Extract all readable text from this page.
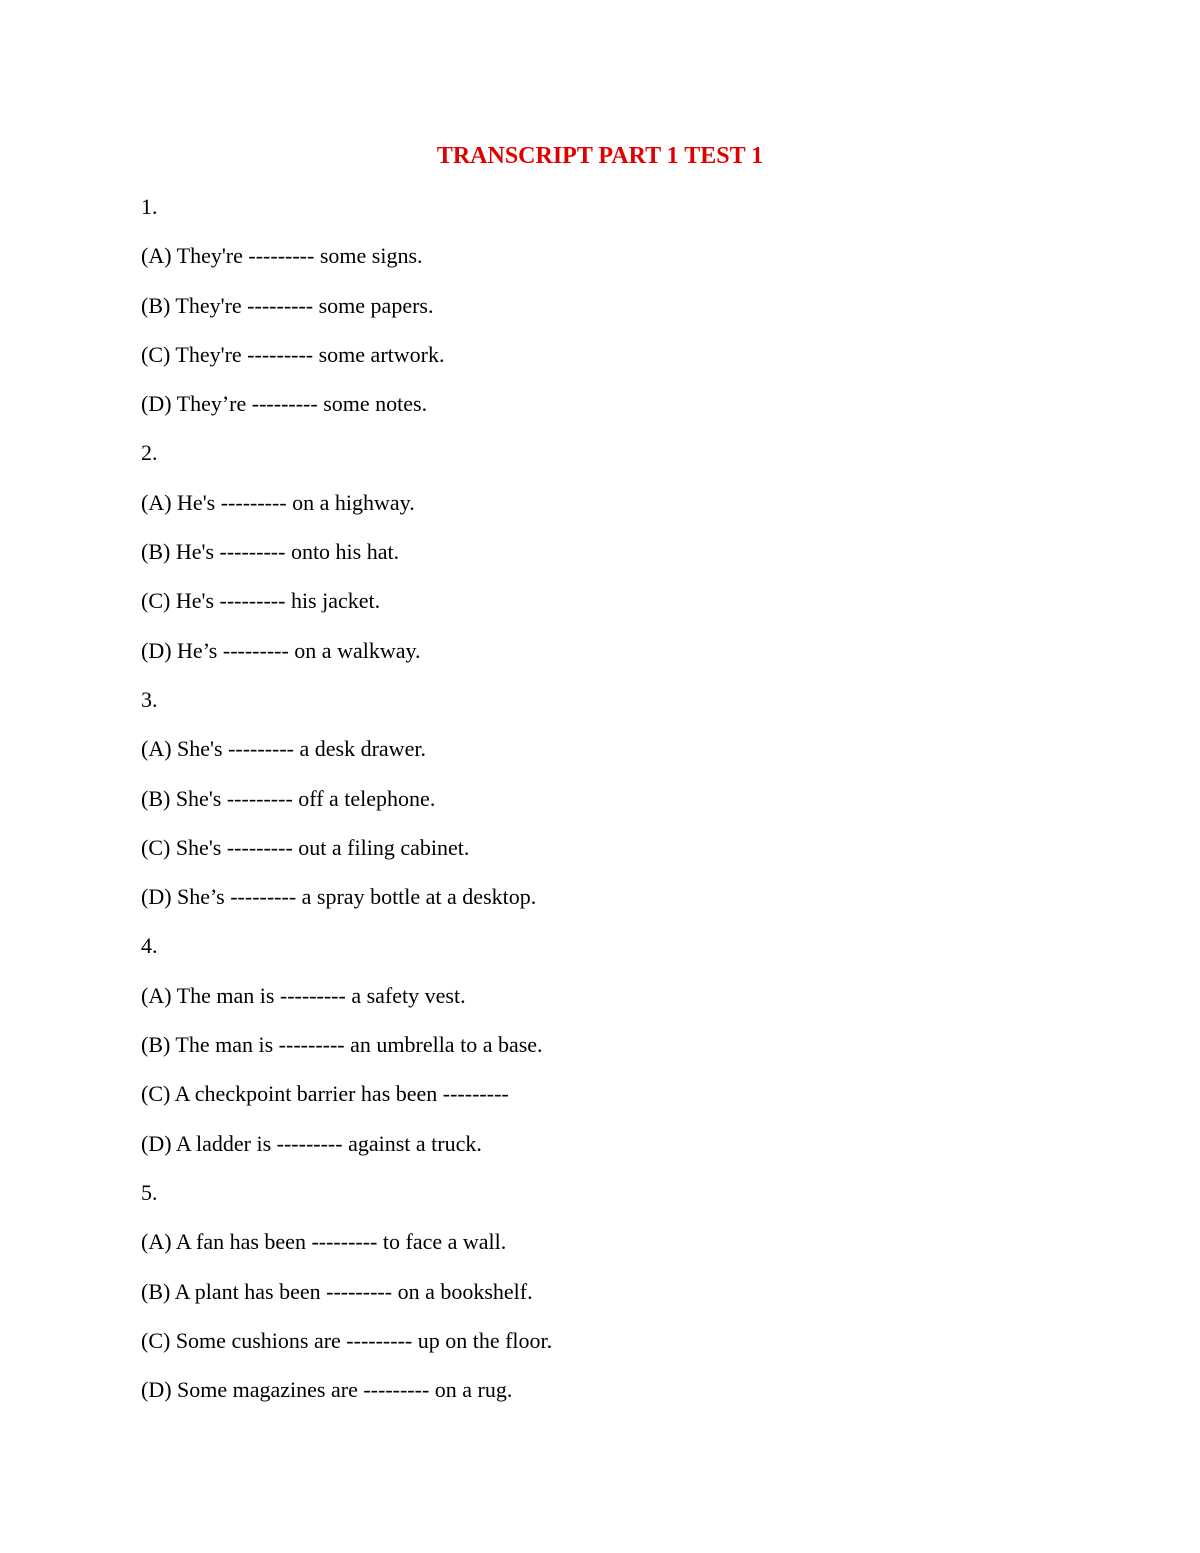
TRANSCRIPT PART 1 TEST 1
1.
(A) They're --------- some signs.
(B) They're --------- some papers.
(C) They're --------- some artwork.
(D) They’re --------- some notes.
2.
(A) He's --------- on a highway.
(B) He's --------- onto his hat.
(C) He's --------- his jacket.
(D) He’s --------- on a walkway.
3.
(A) She's --------- a desk drawer.
(B) She's --------- off a telephone.
(C) She's --------- out a filing cabinet.
(D) She’s --------- a spray bottle at a desktop.
4.
(A) The man is --------- a safety vest.
(B) The man is --------- an umbrella to a base.
(C) A checkpoint barrier has been ---------
(D) A ladder is --------- against a truck.
5.
(A) A fan has been --------- to face a wall.
(B) A plant has been --------- on a bookshelf.
(C) Some cushions are --------- up on the floor.
(D) Some magazines are --------- on a rug.
